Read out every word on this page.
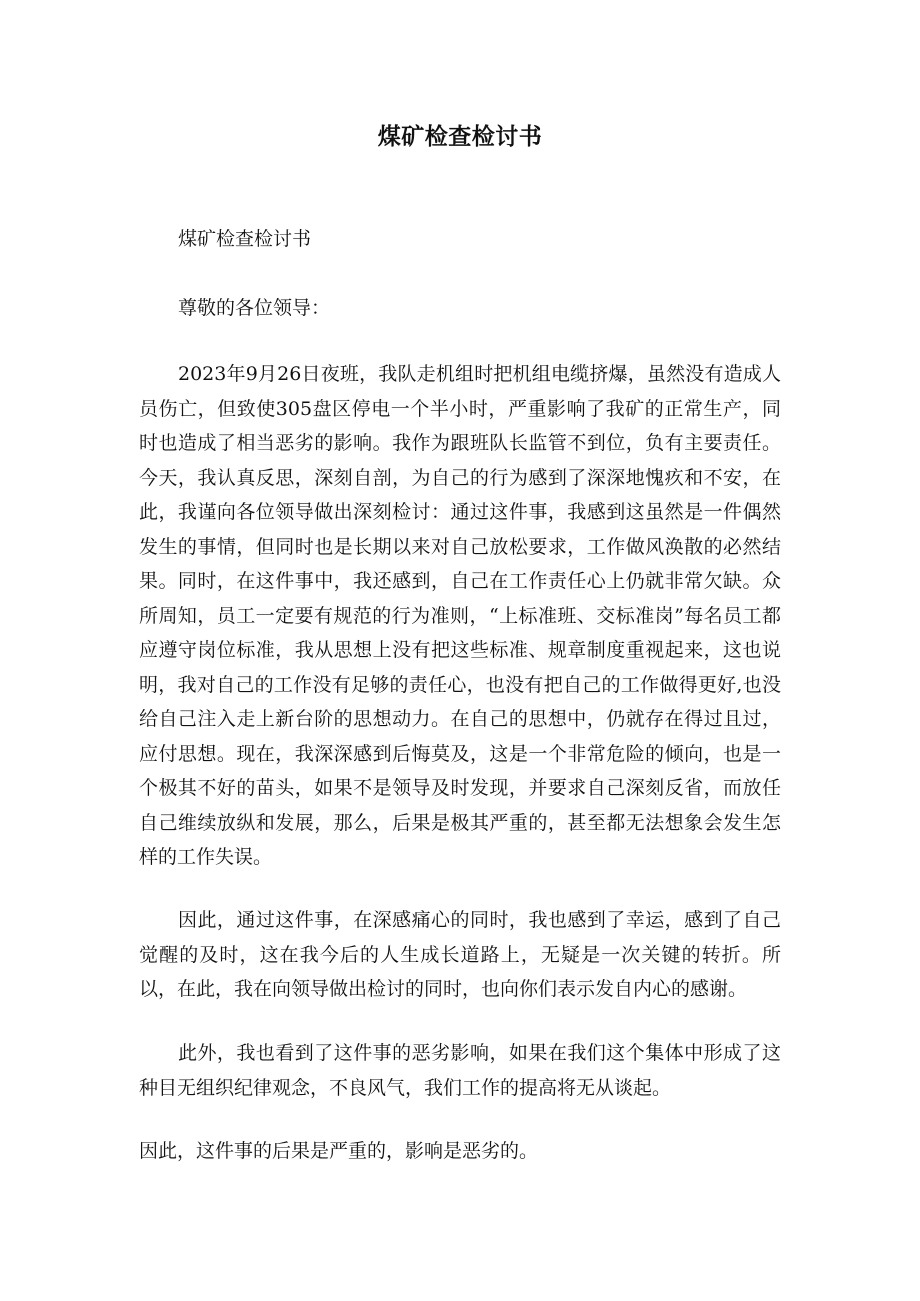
煤矿检查检讨书

煤矿检查检讨书

尊敬的各位领导：

2023年9月26日夜班，我队走机组时把机组电缆挤爆，虽然没有造成人员伤亡，但致使305盘区停电一个半小时，严重影响了我矿的正常生产，同时也造成了相当恶劣的影响。我作为跟班队长监管不到位，负有主要责任。今天，我认真反思，深刻自剖，为自己的行为感到了深深地愧疚和不安，在此，我谨向各位领导做出深刻检讨：通过这件事，我感到这虽然是一件偶然发生的事情，但同时也是长期以来对自己放松要求，工作做风涣散的必然结果。同时，在这件事中，我还感到，自己在工作责任心上仍就非常欠缺。众所周知，员工一定要有规范的行为准则，“上标准班、交标准岗”每名员工都应遵守岗位标准，我从思想上没有把这些标准、规章制度重视起来，这也说明，我对自己的工作没有足够的责任心，也没有把自己的工作做得更好,也没给自己注入走上新台阶的思想动力。在自己的思想中，仍就存在得过且过，应付思想。现在，我深深感到后悔莫及，这是一个非常危险的倾向，也是一个极其不好的苗头，如果不是领导及时发现，并要求自己深刻反省，而放任自己维续放纵和发展，那么，后果是极其严重的，甚至都无法想象会发生怎样的工作失误。

因此，通过这件事，在深感痛心的同时，我也感到了幸运，感到了自己觉醒的及时，这在我今后的人生成长道路上，无疑是一次关键的转折。所以，在此，我在向领导做出检讨的同时，也向你们表示发自内心的感谢。

此外，我也看到了这件事的恶劣影响，如果在我们这个集体中形成了这种目无组织纪律观念，不良风气，我们工作的提高将无从谈起。

因此，这件事的后果是严重的，影响是恶劣的。
